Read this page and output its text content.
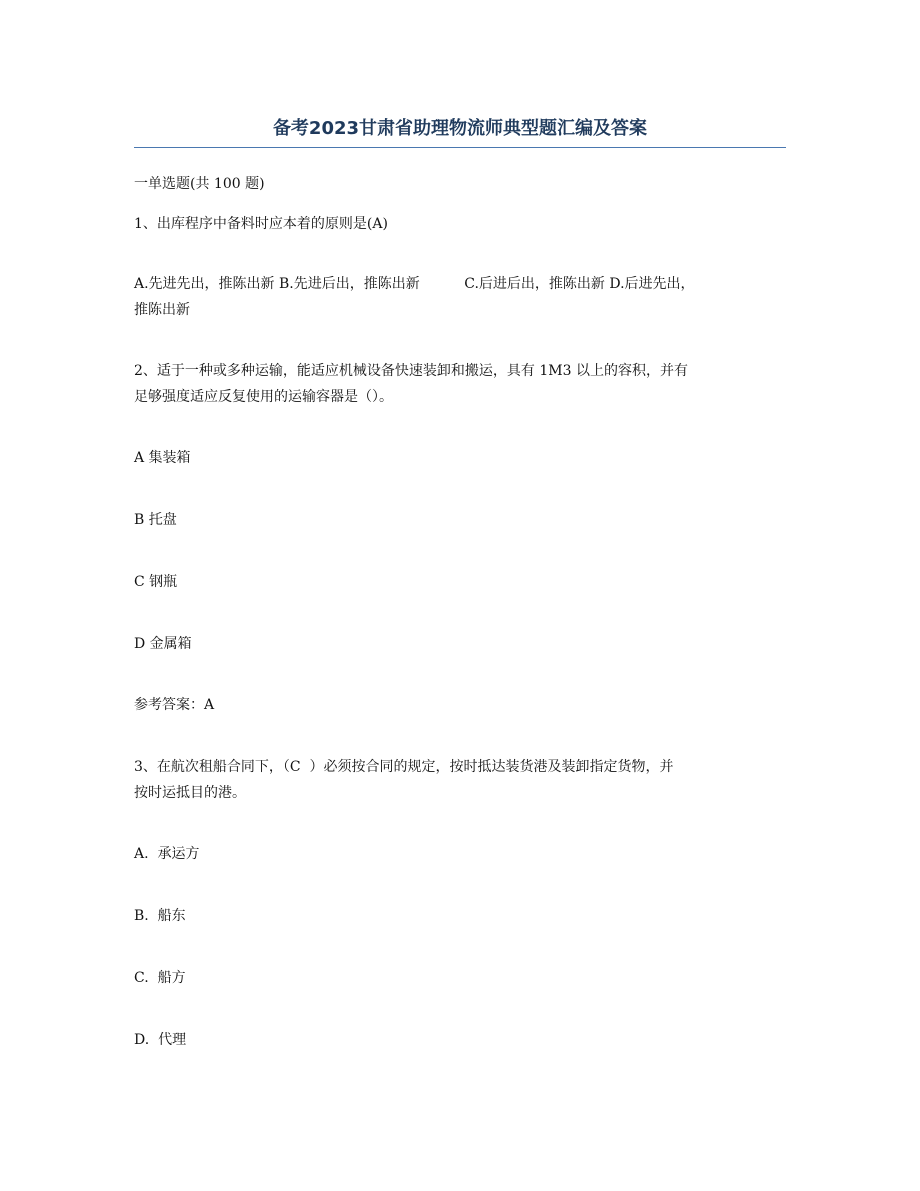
备考2023甘肃省助理物流师典型题汇编及答案

一单选题(共 100 题)

1、出库程序中备料时应本着的原则是(A)

A.先进先出，推陈出新 B.先进后出，推陈出新          C.后进后出，推陈出新 D.后进先出，
推陈出新
2、适于一种或多种运输，能适应机械设备快速装卸和搬运，具有 1M3 以上的容积，并有
足够强度适应反复使用的运输容器是（）。

A 集装箱

B 托盘

C 钢瓶

D 金属箱

参考答案：A

3、在航次租船合同下，（C  ）必须按合同的规定，按时抵达装货港及装卸指定货物，并
按时运抵目的港。

A.  承运方

B.  船东

C.  船方

D.  代理
